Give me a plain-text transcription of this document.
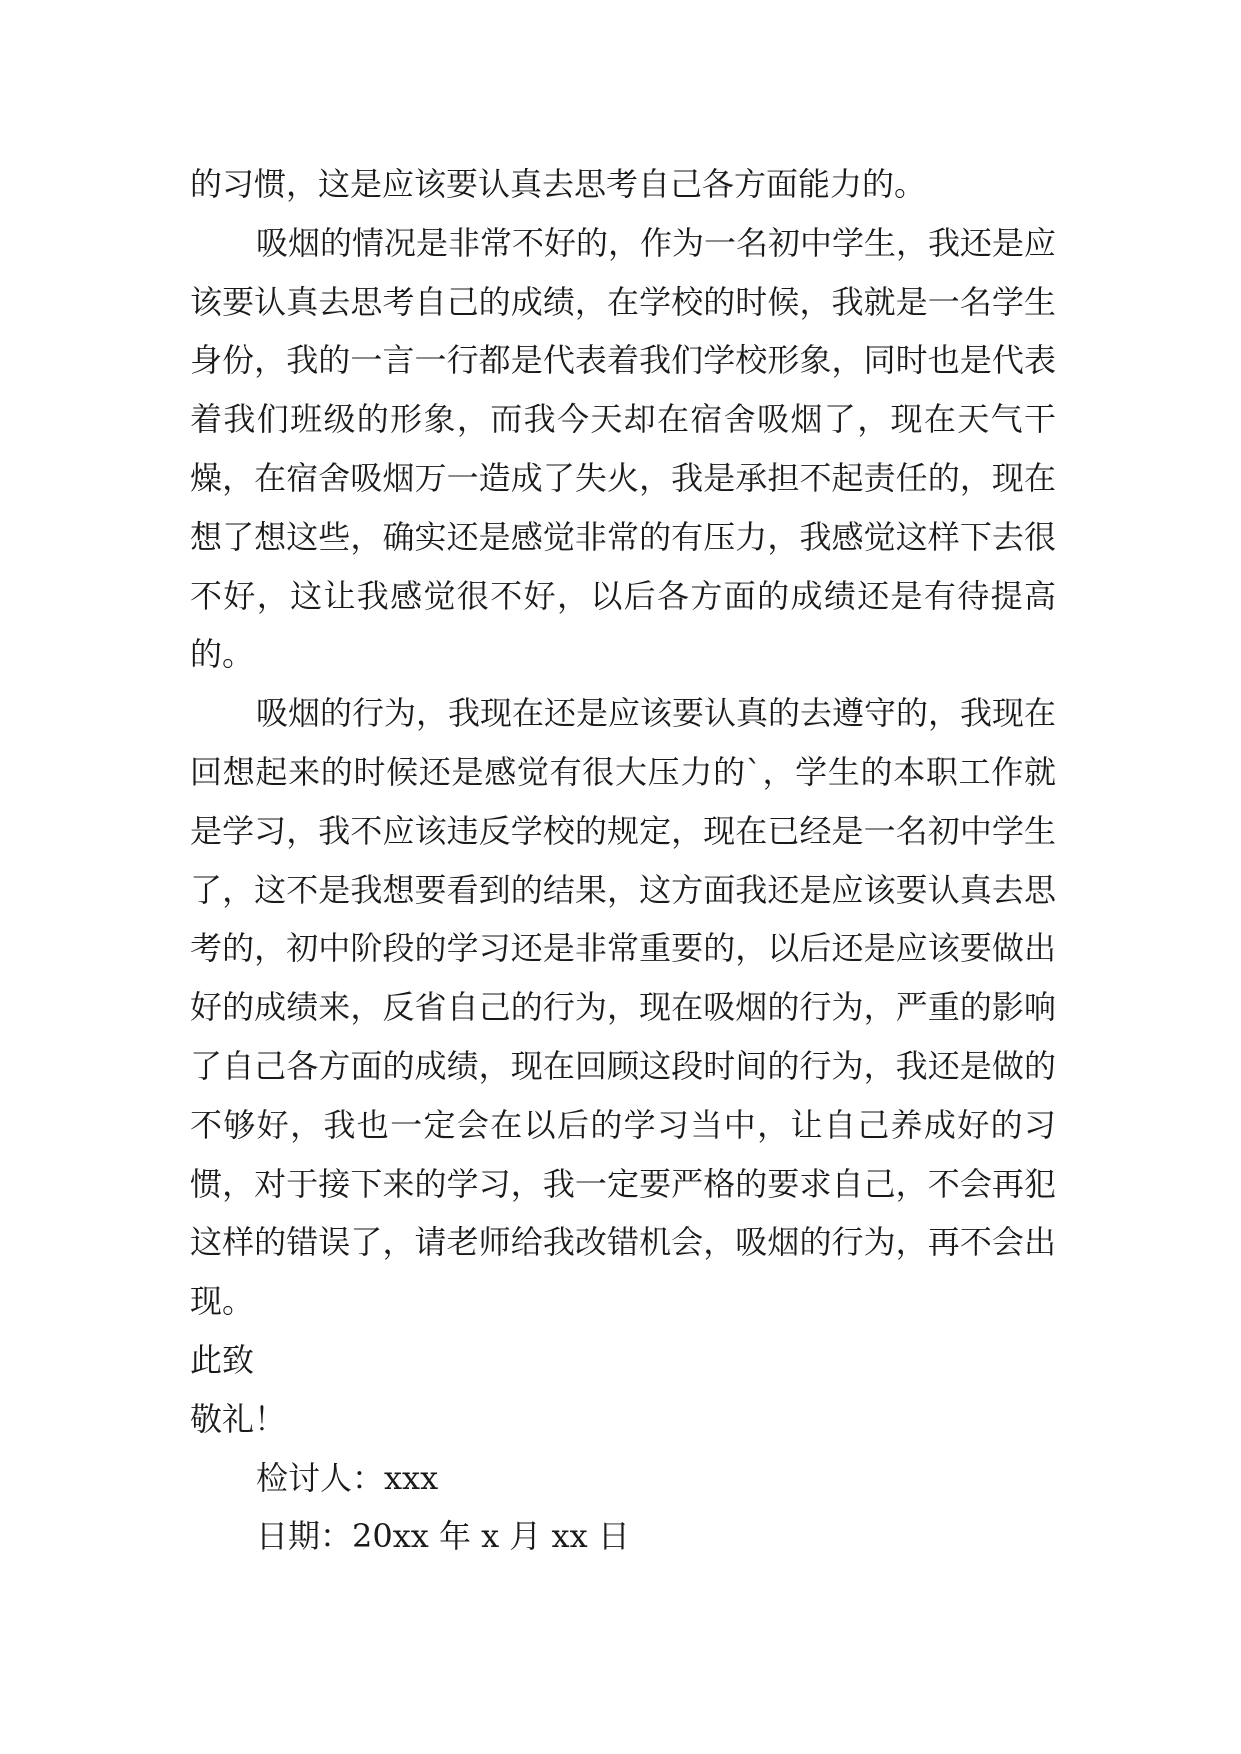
的习惯，这是应该要认真去思考自己各方面能力的。

吸烟的情况是非常不好的，作为一名初中学生，我还是应该要认真去思考自己的成绩，在学校的时候，我就是一名学生身份，我的一言一行都是代表着我们学校形象，同时也是代表着我们班级的形象，而我今天却在宿舍吸烟了，现在天气干燥，在宿舍吸烟万一造成了失火，我是承担不起责任的，现在想了想这些，确实还是感觉非常的有压力，我感觉这样下去很不好，这让我感觉很不好，以后各方面的成绩还是有待提高的。

吸烟的行为，我现在还是应该要认真的去遵守的，我现在回想起来的时候还是感觉有很大压力的`，学生的本职工作就是学习，我不应该违反学校的规定，现在已经是一名初中学生了，这不是我想要看到的结果，这方面我还是应该要认真去思考的，初中阶段的学习还是非常重要的，以后还是应该要做出好的成绩来，反省自己的行为，现在吸烟的行为，严重的影响了自己各方面的成绩，现在回顾这段时间的行为，我还是做的不够好，我也一定会在以后的学习当中，让自己养成好的习惯，对于接下来的学习，我一定要严格的要求自己，不会再犯这样的错误了，请老师给我改错机会，吸烟的行为，再不会出现。

此致

敬礼！

检讨人：xxx

日期：20xx 年 x 月 xx 日
